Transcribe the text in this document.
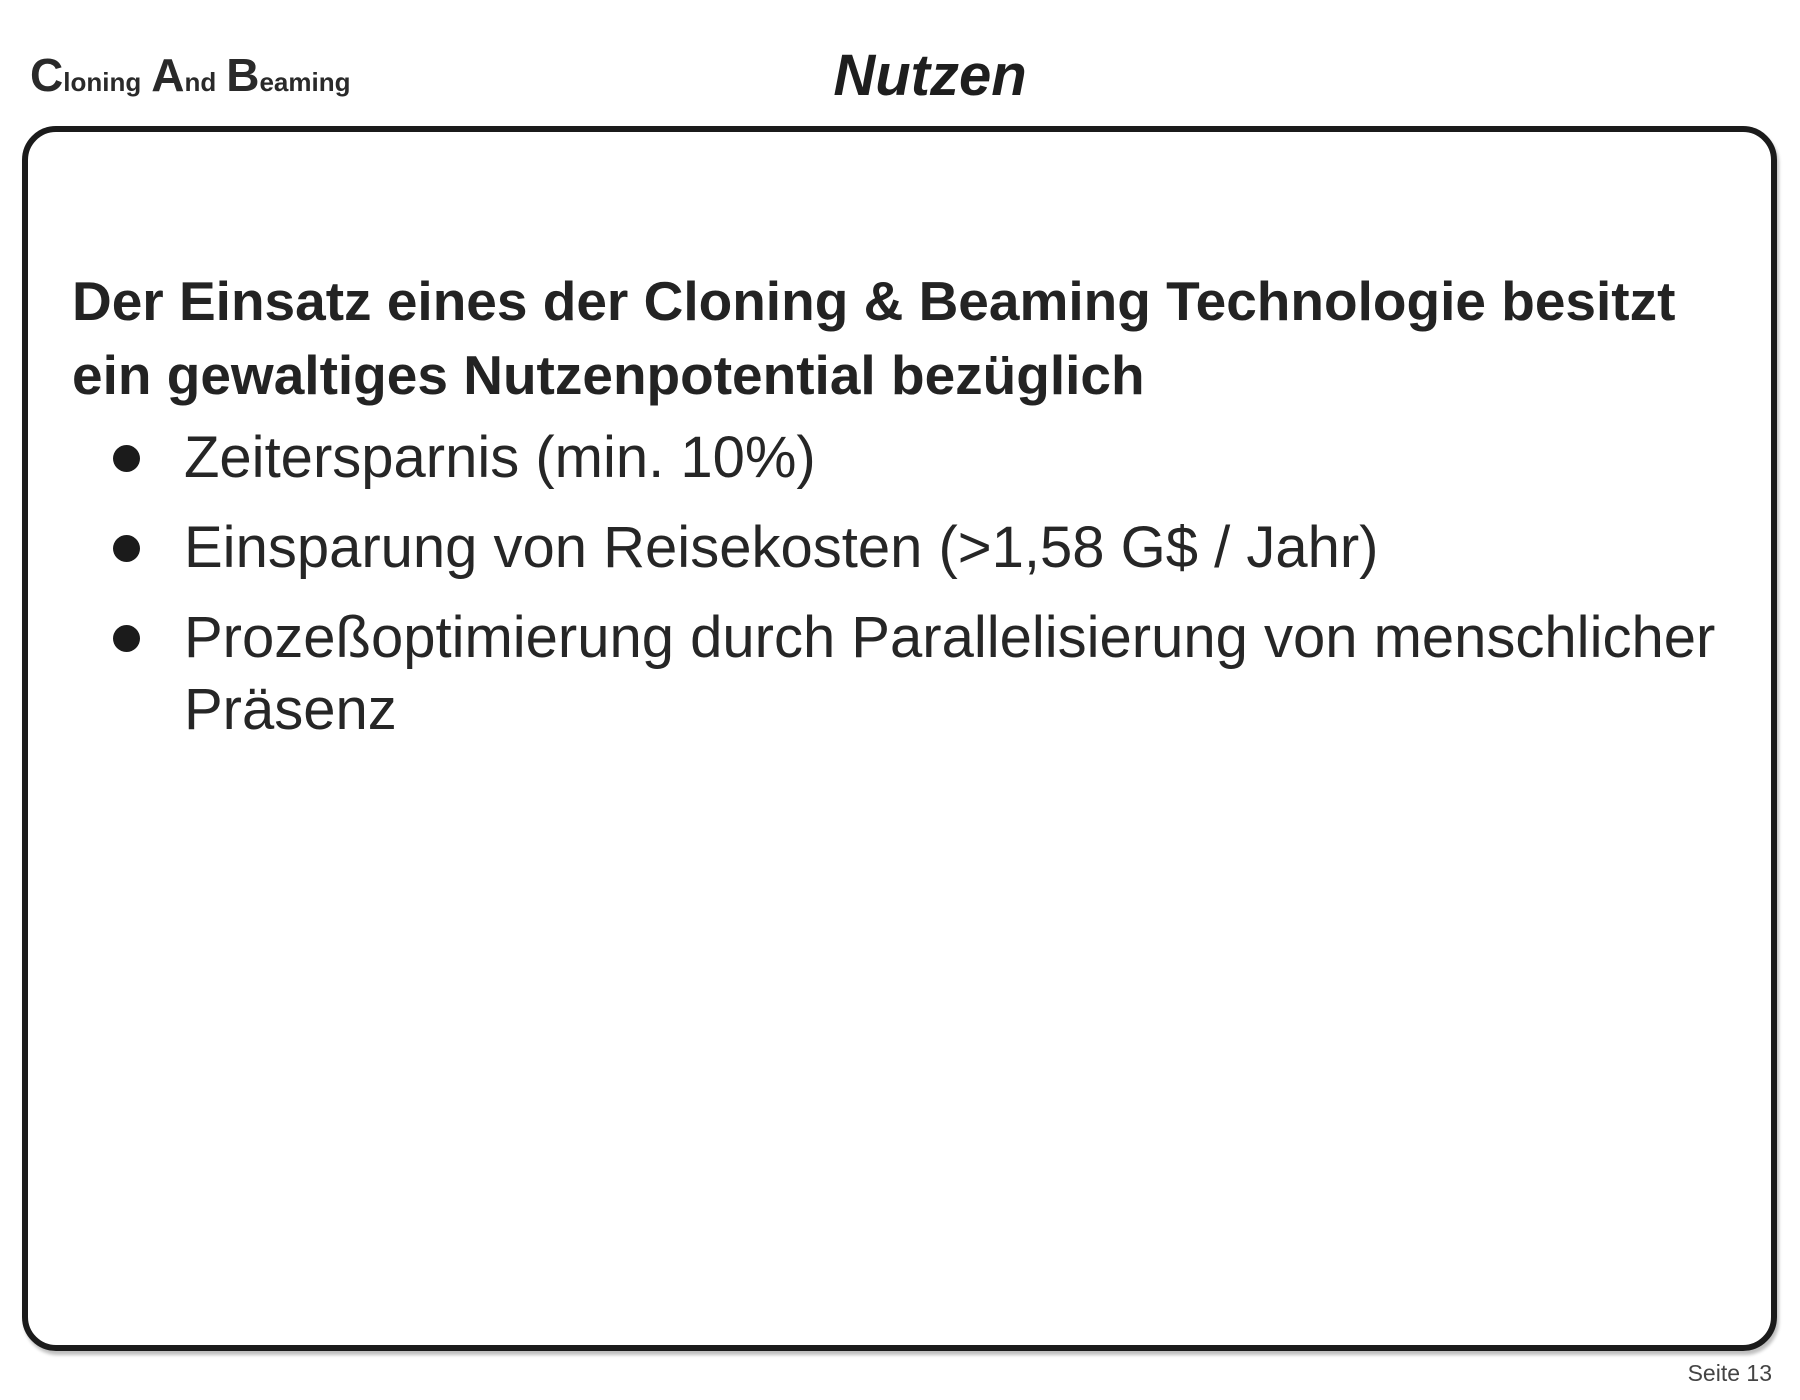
Cloning And Beaming	Nutzen
Der Einsatz eines der Cloning & Beaming Technologie besitzt ein gewaltiges Nutzenpotential bezüglich
Zeitersparnis (min. 10%)
Einsparung von Reisekosten (>1,58 G$ / Jahr)
Prozeßoptimierung durch Parallelisierung von menschlicher Präsenz
Seite 13
